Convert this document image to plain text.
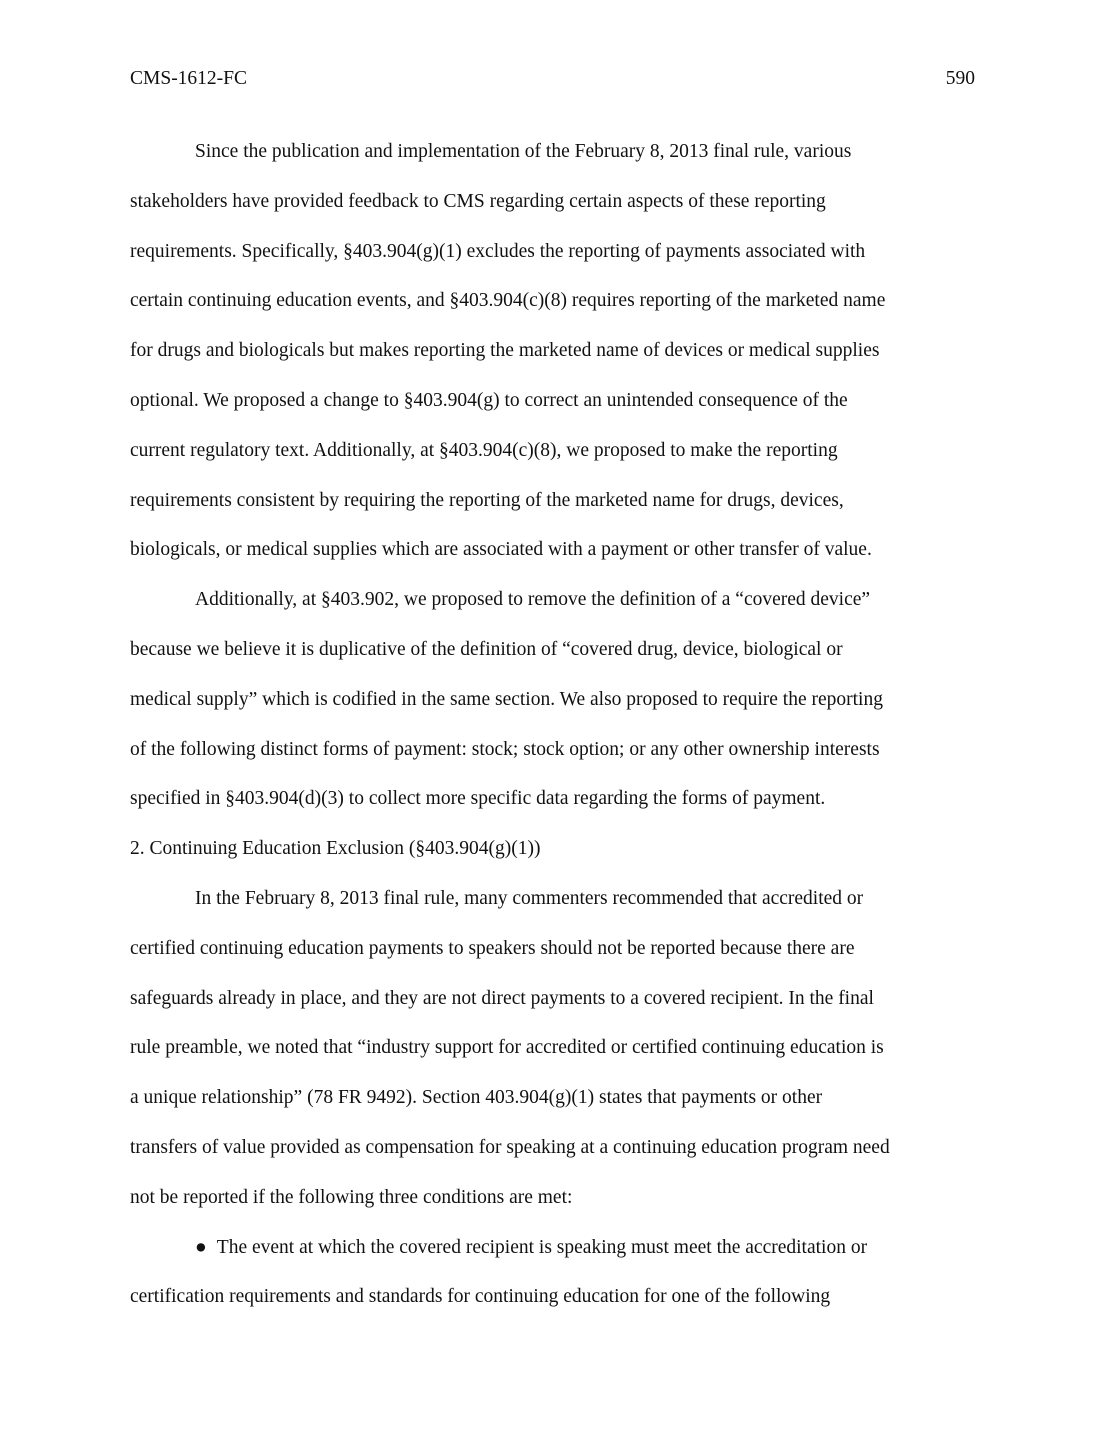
CMS-1612-FC	590
Since the publication and implementation of the February 8, 2013 final rule, various
stakeholders have provided feedback to CMS regarding certain aspects of these reporting
requirements. Specifically, §403.904(g)(1) excludes the reporting of payments associated with
certain continuing education events, and §403.904(c)(8) requires reporting of the marketed name
for drugs and biologicals but makes reporting the marketed name of devices or medical supplies
optional. We proposed a change to §403.904(g) to correct an unintended consequence of the
current regulatory text. Additionally, at §403.904(c)(8), we proposed to make the reporting
requirements consistent by requiring the reporting of the marketed name for drugs, devices,
biologicals, or medical supplies which are associated with a payment or other transfer of value.
Additionally, at §403.902, we proposed to remove the definition of a “covered device”
because we believe it is duplicative of the definition of “covered drug, device, biological or
medical supply” which is codified in the same section. We also proposed to require the reporting
of the following distinct forms of payment: stock; stock option; or any other ownership interests
specified in §403.904(d)(3) to collect more specific data regarding the forms of payment.
2. Continuing Education Exclusion (§403.904(g)(1))
In the February 8, 2013 final rule, many commenters recommended that accredited or
certified continuing education payments to speakers should not be reported because there are
safeguards already in place, and they are not direct payments to a covered recipient. In the final
rule preamble, we noted that “industry support for accredited or certified continuing education is
a unique relationship” (78 FR 9492). Section 403.904(g)(1) states that payments or other
transfers of value provided as compensation for speaking at a continuing education program need
not be reported if the following three conditions are met:
● The event at which the covered recipient is speaking must meet the accreditation or
certification requirements and standards for continuing education for one of the following
